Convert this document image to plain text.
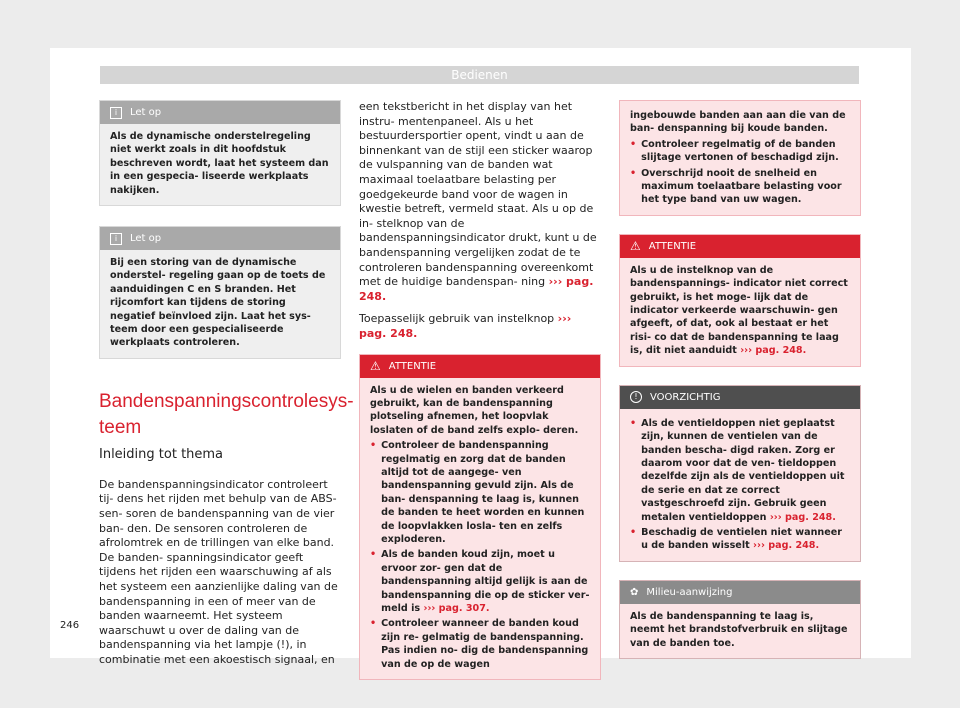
Bedienen
i	Let op
Als de dynamische onderstelregeling niet werkt zoals in dit hoofdstuk beschreven wordt, laat het systeem dan in een gespecia- liseerde werkplaats nakijken.
i	Let op
Bij een storing van de dynamische onderstel- regeling gaan op de toets de aanduidingen C en S branden. Het rijcomfort kan tijdens de storing negatief beïnvloed zijn. Laat het sys- teem door een gespecialiseerde werkplaats controleren.
Bandenspanningscontrolesys- teem
Inleiding tot thema
De bandenspanningsindicator controleert tij- dens het rijden met behulp van de ABS-sen- soren de bandenspanning van de vier ban- den. De sensoren controleren de afrolomtrek en de trillingen van elke band. De banden- spanningsindicator geeft tijdens het rijden een waarschuwing af als het systeem een aanzienlijke daling van de bandenspanning in een of meer van de banden waarneemt. Het systeem waarschuwt u over de daling van de bandenspanning via het lampje (!), in combinatie met een akoestisch signaal, en
een tekstbericht in het display van het instru- mentenpaneel. Als u het bestuurdersportier opent, vindt u aan de binnenkant van de stijl een sticker waarop de vulspanning van de banden wat maximaal toelaatbare belasting per goedgekeurde band voor de wagen in kwestie betreft, vermeld staat. Als u op de in- stelknop van de bandenspanningsindicator drukt, kunt u de bandenspanning vergelijken zodat de te controleren bandenspanning overeenkomt met de huidige bandenspan- ning ››› pag. 248.
Toepasselijk gebruik van instelknop ››› pag. 248.
⚠ ATTENTIE
Als u de wielen en banden verkeerd gebruikt, kan de bandenspanning plotseling afnemen, het loopvlak loslaten of de band zelfs explo- deren.
• Controleer de bandenspanning regelmatig en zorg dat de banden altijd tot de aangege- ven bandenspanning gevuld zijn. Als de ban- denspanning te laag is, kunnen de banden te heet worden en kunnen de loopvlakken losla- ten en zelfs exploderen.
• Als de banden koud zijn, moet u ervoor zor- gen dat de bandenspanning altijd gelijk is aan de bandenspanning die op de sticker ver- meld is ››› pag. 307.
• Controleer wanneer de banden koud zijn re- gelmatig de bandenspanning. Pas indien no- dig de bandenspanning van de op de wagen
ingebouwde banden aan aan die van de ban- denspanning bij koude banden.
• Controleer regelmatig of de banden slijtage vertonen of beschadigd zijn.
• Overschrijd nooit de snelheid en maximum toelaatbare belasting voor het type band van uw wagen.
⚠ ATTENTIE
Als u de instelknop van de bandenspannings- indicator niet correct gebruikt, is het moge- lijk dat de indicator verkeerde waarschuwin- gen afgeeft, of dat, ook al bestaat er het risi- co dat de bandenspanning te laag is, dit niet aanduidt ››› pag. 248.
!	VOORZICHTIG
• Als de ventieldoppen niet geplaatst zijn, kunnen de ventielen van de banden bescha- digd raken. Zorg er daarom voor dat de ven- tieldoppen dezelfde zijn als de ventieldoppen uit de serie en dat ze correct vastgeschroefd zijn. Gebruik geen metalen ventieldoppen ››› pag. 248.
• Beschadig de ventielen niet wanneer u de banden wisselt ››› pag. 248.
✿ Milieu-aanwijzing
Als de bandenspanning te laag is, neemt het brandstofverbruik en slijtage van de banden toe.
246
